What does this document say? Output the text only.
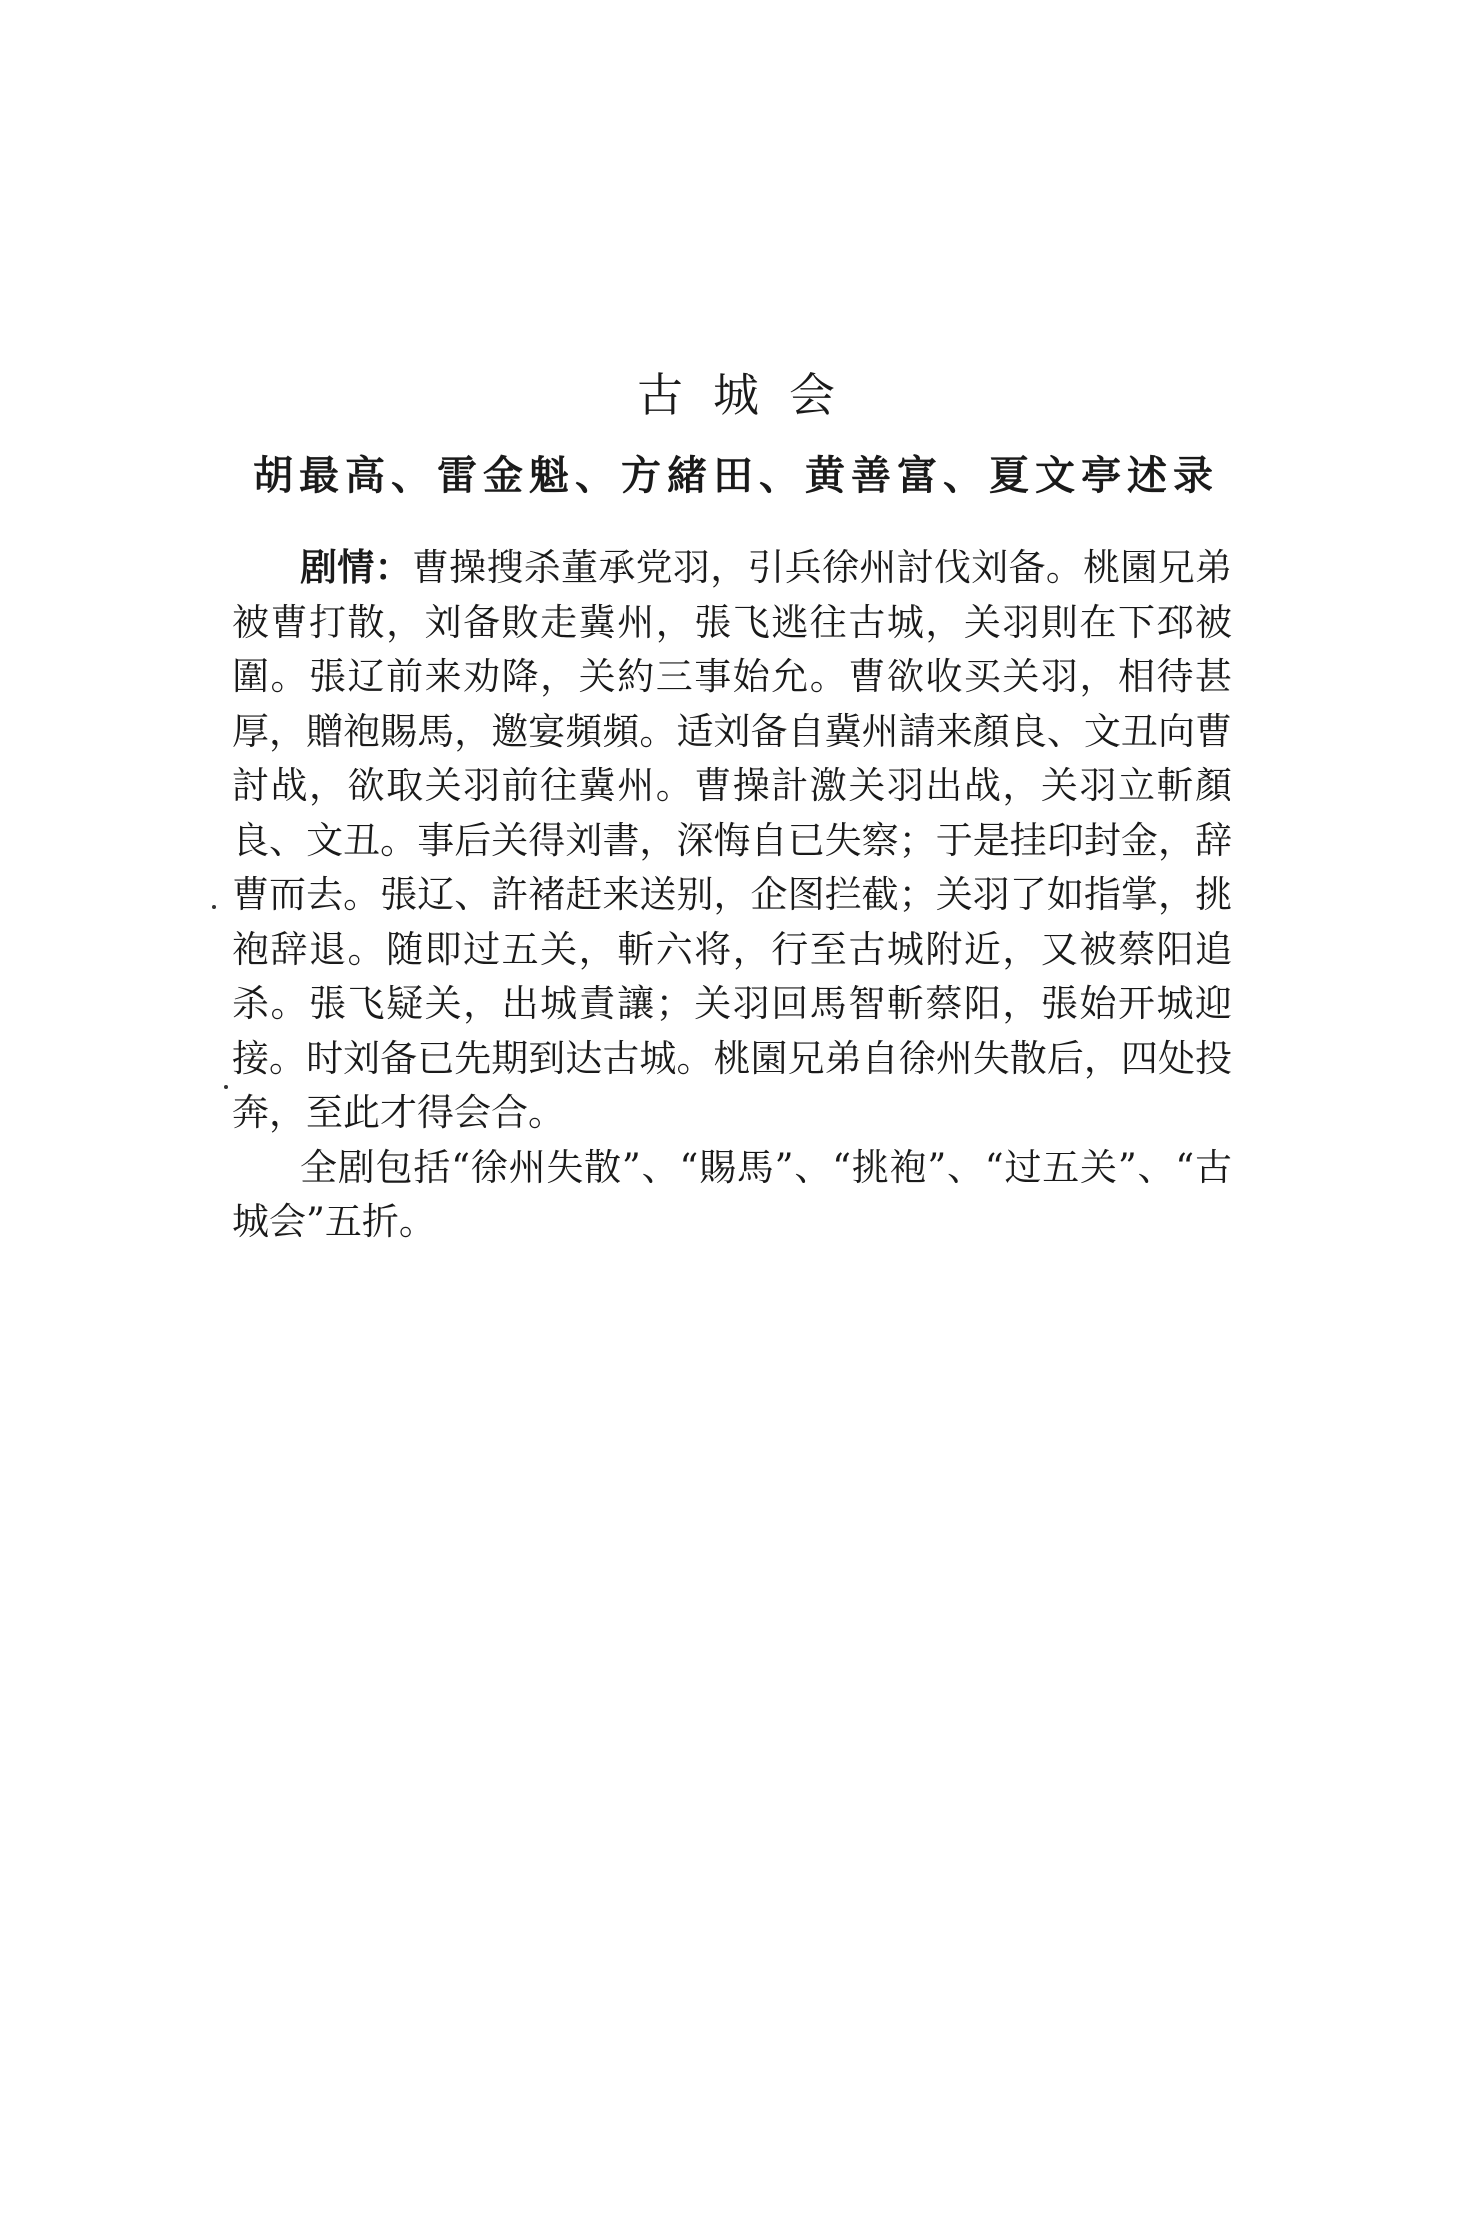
古城会
胡最高、雷金魁、方緒田、黄善富、夏文亭述录

剧情：曹操搜杀董承党羽，引兵徐州討伐刘备。桃園兄弟被曹打散，刘备敗走冀州，張飞逃往古城，关羽則在下邳被圍。張辽前来劝降，关約三事始允。曹欲收买关羽，相待甚厚，贈袍賜馬，邀宴頻頻。适刘备自冀州請来顏良、文丑向曹討战，欲取关羽前往冀州。曹操計激关羽出战，关羽立斬顏良、文丑。事后关得刘書，深悔自已失察；于是挂印封金，辞曹而去。張辽、許褚赶来送别，企图拦截；关羽了如指掌，挑袍辞退。随即过五关，斬六将，行至古城附近，又被蔡阳追杀。張飞疑关，出城責讓；关羽回馬智斬蔡阳，張始开城迎接。时刘备已先期到达古城。桃園兄弟自徐州失散后，四处投奔，至此才得会合。

全剧包括“徐州失散”、“賜馬”、“挑袍”、“过五关”、“古城会”五折。
